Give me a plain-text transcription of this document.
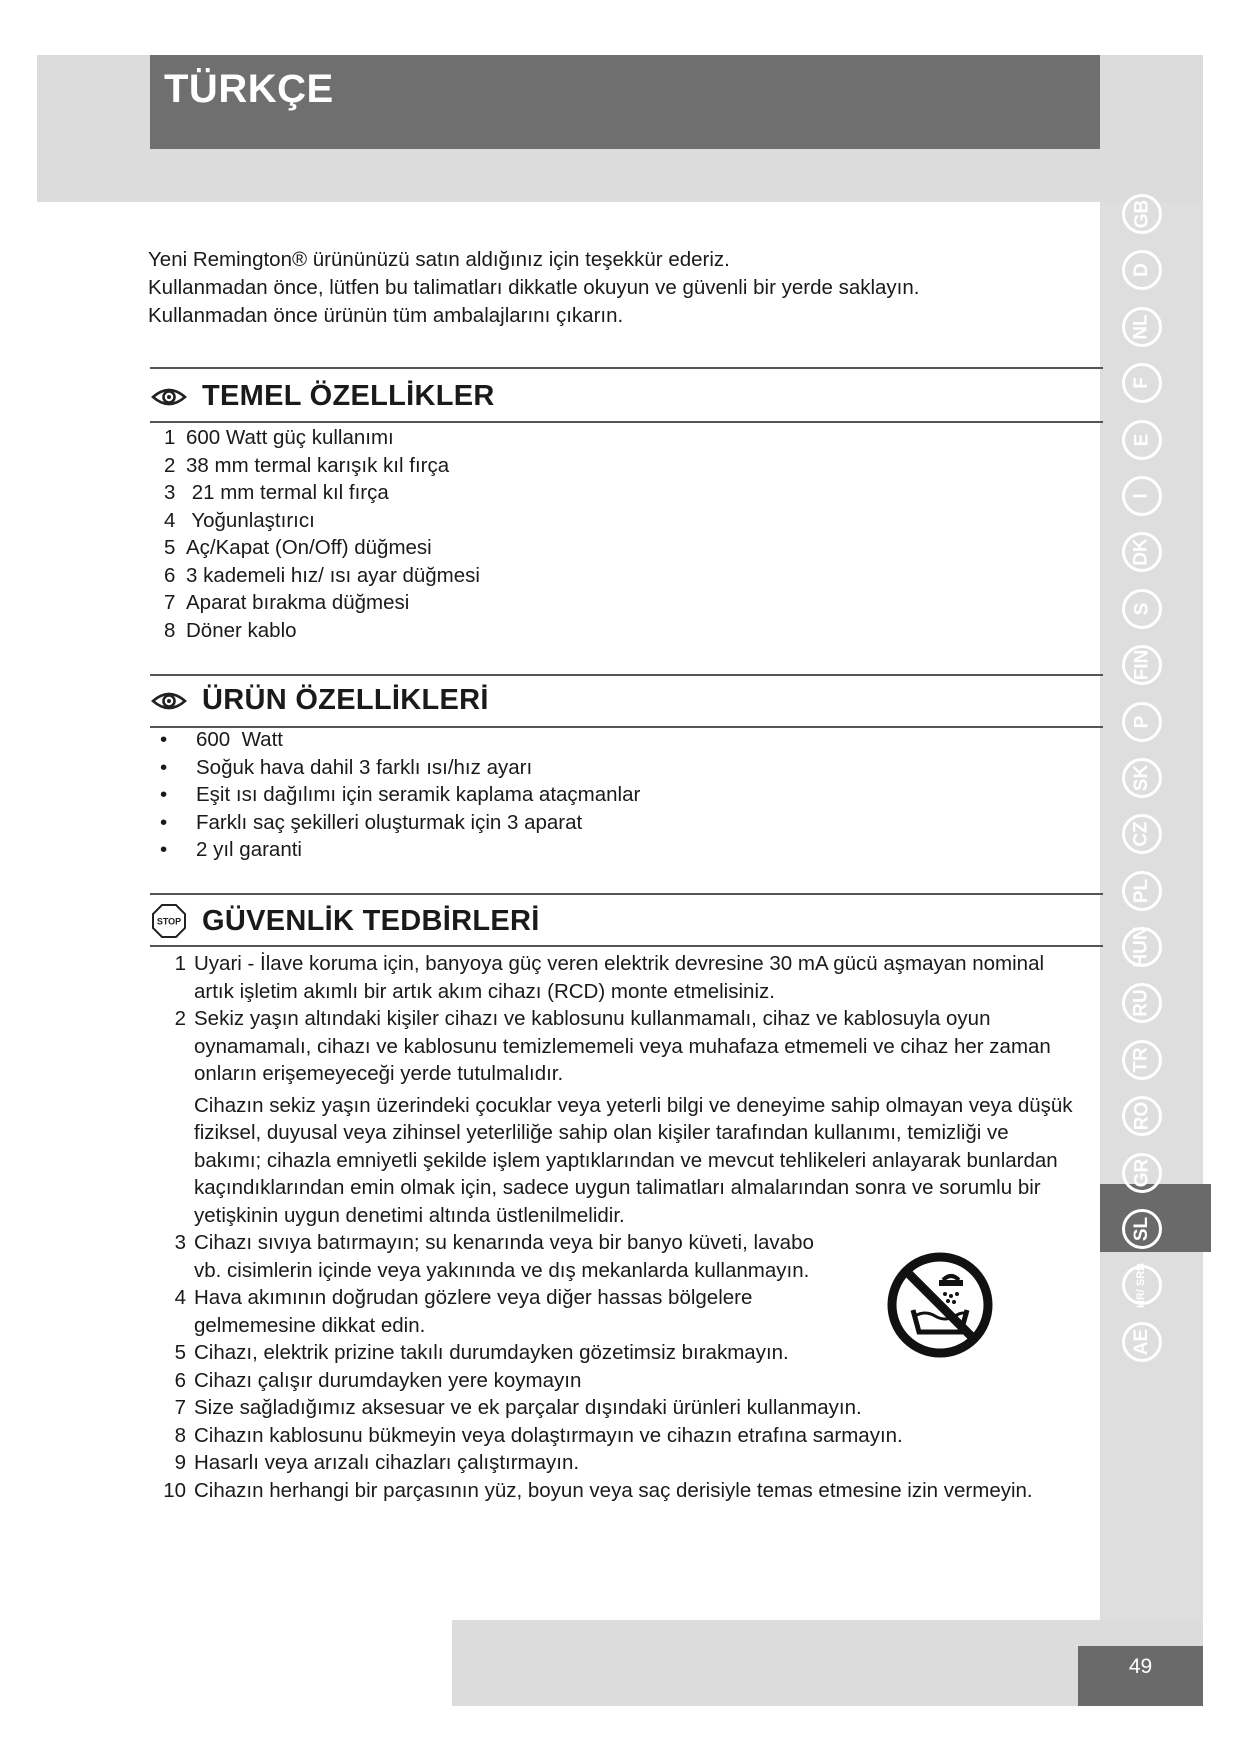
TÜRKÇE
GB
D
NL
F
E
I
DK
S
FIN
P
SK
CZ
PL
HUN
RU
TR
RO
GR
SL
HR/ SRB
AE
49

Yeni Remington® ürününüzü satın aldığınız için teşekkür ederiz.

Kullanmadan önce, lütfen bu talimatları dikkatle okuyun ve güvenli bir yerde saklayın.

Kullanmadan önce ürünün tüm ambalajlarını çıkarın.

TEMEL ÖZELLİKLER
1 600 Watt güç kullanımı
2 38 mm termal karışık kıl fırça
3 21 mm termal kıl fırça
4 Yoğunlaştırıcı
5 Aç/Kapat (On/Off) düğmesi
6 3 kademeli hız/ ısı ayar düğmesi
7 Aparat bırakma düğmesi
8 Döner kablo
ÜRÜN ÖZELLİKLERİ
•	600  Watt
•	Soğuk hava dahil 3 farklı ısı/hız ayarı
•	Eşit ısı dağılımı için seramik kaplama ataçmanlar
•	Farklı saç şekilleri oluşturmak için 3 aparat
•	2 yıl garanti
STOP GÜVENLİK TEDBİRLERİ
1 Uyari - İlave koruma için, banyoya güç veren elektrik devresine 30 mA gücü aşmayan nominal artık işletim akımlı bir artık akım cihazı (RCD) monte etmelisiniz.
2 Sekiz yaşın altındaki kişiler cihazı ve kablosunu kullanmamalı, cihaz ve kablosuyla oyun oynamamalı, cihazı ve kablosunu temizlememeli veya muhafaza etmemeli ve cihaz her zaman onların erişemeyeceği yerde tutulmalıdır.
Cihazın sekiz yaşın üzerindeki çocuklar veya yeterli bilgi ve deneyime sahip olmayan veya düşük fiziksel, duyusal veya zihinsel yeterliliğe sahip olan kişiler tarafından kullanımı, temizliği ve bakımı; cihazla emniyetli şekilde işlem yaptıklarından ve mevcut tehlikeleri anlayarak bunlardan kaçındıklarından emin olmak için, sadece uygun talimatları almalarından sonra ve sorumlu bir yetişkinin uygun denetimi altında üstlenilmelidir.
3 Cihazı sıvıya batırmayın; su kenarında veya bir banyo küveti, lavabo vb. cisimlerin içinde veya yakınında ve dış mekanlarda kullanmayın.
4 Hava akımının doğrudan gözlere veya diğer hassas bölgelere gelmemesine dikkat edin.
5 Cihazı, elektrik prizine takılı durumdayken gözetimsiz bırakmayın.
6 Cihazı çalışır durumdayken yere koymayın
7 Size sağladığımız aksesuar ve ek parçalar dışındaki ürünleri kullanmayın.
8 Cihazın kablosunu bükmeyin veya dolaştırmayın ve cihazın etrafına sarmayın.
9 Hasarlı veya arızalı cihazları çalıştırmayın.
10 Cihazın herhangi bir parçasının yüz, boyun veya saç derisiyle temas etmesine izin vermeyin.
